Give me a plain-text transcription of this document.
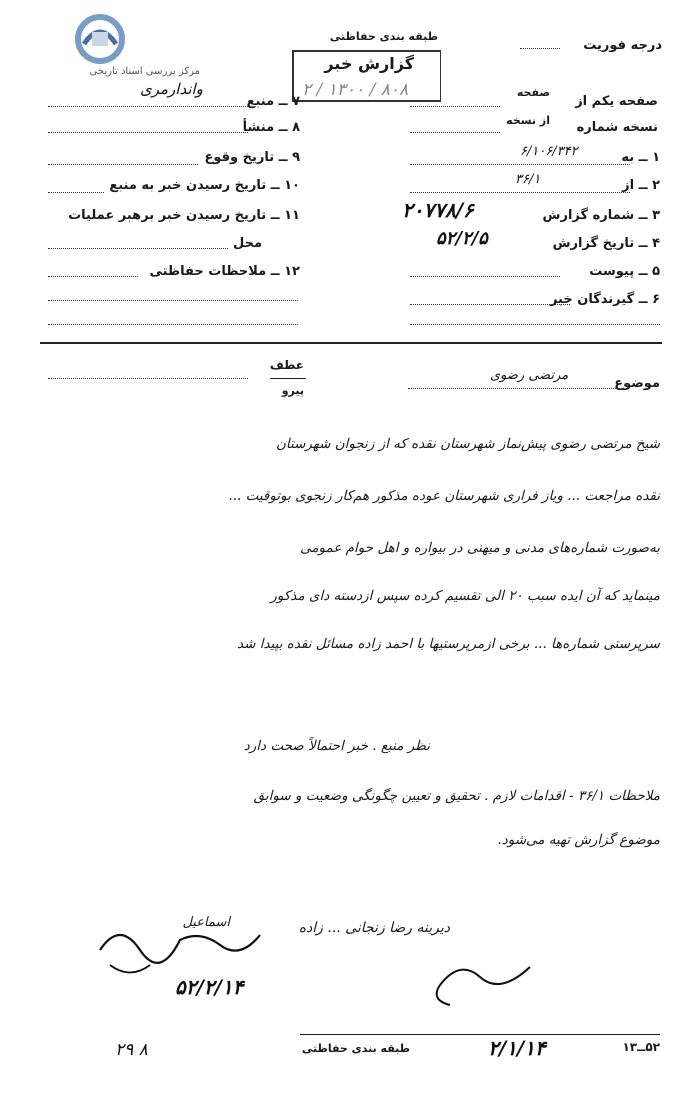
مرکز بررسی اسناد تاریخی
درجه فوریت
طبقه بندی حفاظتی
گزارش خبر
۲ / ۱۳۰۰ / ۸۰۸
صفحه یکم از
صفحه
نسخه شماره
از نسخه
۱ ــ به
۶/۱۰۶/۳۴۲
۲ ــ از
۳۶/۱
۳ ــ شماره گزارش
۲۰۷۷۸/۶
۴ ــ تاریخ گزارش
۵۲/۲/۵
۵ ــ پیوست
۶ ــ گیرندگان خبر
واندارمری
۷ ــ منبع
۸ ــ منشأ
۹ ــ تاریخ وقوع
۱۰ ــ تاریخ رسیدن خبر به منبع
۱۱ ــ تاریخ رسیدن خبر برهبر عملیات
محل
۱۲ ــ ملاحظات حفاظتی
عطف
پیرو	موضوع
مرتضی رضوی
شیخ مرتضی رضوی پیش‌نماز شهرستان نقده که از زنجوان شهرستان
نقده مراجعت ... ویاز فراری شهرستان عوده مذکور هم‌کار زنجوی بوتوقیت ...
به‌صورت شماره‌های مدنی و میهنی در بیواره و اهل حوام عمومی
مینماید که آن ایده سبب ۲۰ الی تقسیم کرده سپس ازدسته دای مذکور
سرپرستی شماره‌ها ... برخی ازمرپرستیها با احمد زاده مسائل نقده بپیدا شد
نظر منبع . خبر احتمالاً صحت دارد
ملاحظات ۳۶/۱ - اقدامات لازم . تحقیق و تعیین چگونگی وضعیت و سوابق
موضوع گزارش تهیه می‌شود.
دیرینه رضا زنجانی ... زاده
اسماعیل
۵۲/۲/۱۴
طبقه بندی حفاظتی	۲/۱/۱۴	۵۲ــ۱۳
۲۹ ۸
